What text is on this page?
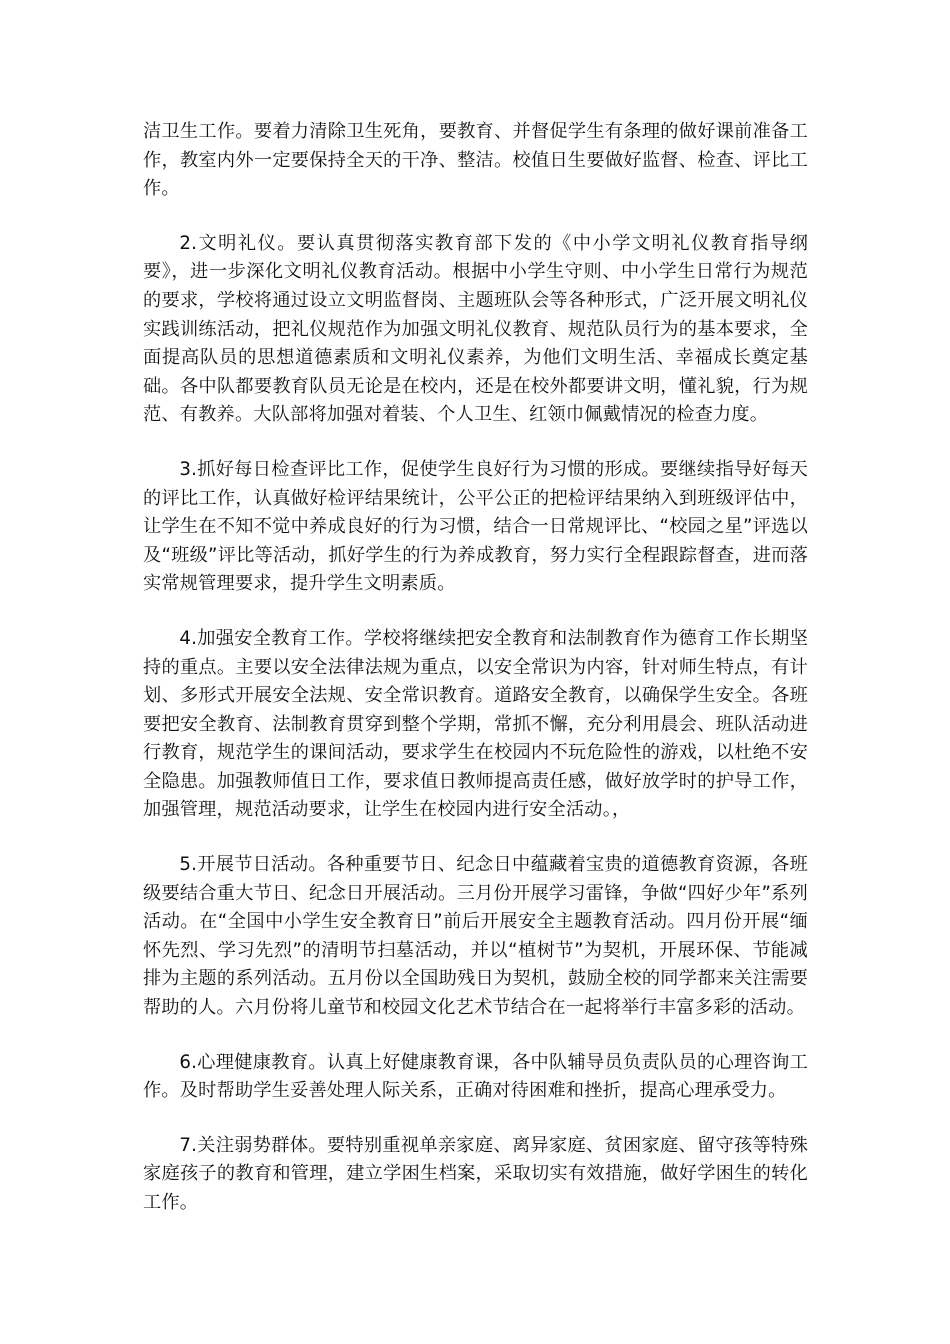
洁卫生工作。要着力清除卫生死角，要教育、并督促学生有条理的做好课前准备工作，教室内外一定要保持全天的干净、整洁。校值日生要做好监督、检查、评比工作。

2.文明礼仪。要认真贯彻落实教育部下发的《中小学文明礼仪教育指导纲要》，进一步深化文明礼仪教育活动。根据中小学生守则、中小学生日常行为规范的要求，学校将通过设立文明监督岗、主题班队会等各种形式，广泛开展文明礼仪实践训练活动，把礼仪规范作为加强文明礼仪教育、规范队员行为的基本要求，全面提高队员的思想道德素质和文明礼仪素养，为他们文明生活、幸福成长奠定基础。各中队都要教育队员无论是在校内，还是在校外都要讲文明，懂礼貌，行为规范、有教养。大队部将加强对着装、个人卫生、红领巾佩戴情况的检查力度。

3.抓好每日检查评比工作，促使学生良好行为习惯的形成。要继续指导好每天的评比工作，认真做好检评结果统计，公平公正的把检评结果纳入到班级评估中，让学生在不知不觉中养成良好的行为习惯，结合一日常规评比、“校园之星”评选以及“班级”评比等活动，抓好学生的行为养成教育，努力实行全程跟踪督查，进而落实常规管理要求，提升学生文明素质。

4.加强安全教育工作。学校将继续把安全教育和法制教育作为德育工作长期坚持的重点。主要以安全法律法规为重点，以安全常识为内容，针对师生特点，有计划、多形式开展安全法规、安全常识教育。道路安全教育，以确保学生安全。各班要把安全教育、法制教育贯穿到整个学期，常抓不懈，充分利用晨会、班队活动进行教育，规范学生的课间活动，要求学生在校园内不玩危险性的游戏，以杜绝不安全隐患。加强教师值日工作，要求值日教师提高责任感，做好放学时的护导工作，加强管理，规范活动要求，让学生在校园内进行安全活动。，

5.开展节日活动。各种重要节日、纪念日中蕴藏着宝贵的道德教育资源，各班级要结合重大节日、纪念日开展活动。三月份开展学习雷锋，争做“四好少年”系列活动。在“全国中小学生安全教育日”前后开展安全主题教育活动。四月份开展“缅怀先烈、学习先烈”的清明节扫墓活动，并以“植树节”为契机，开展环保、节能减排为主题的系列活动。五月份以全国助残日为契机，鼓励全校的同学都来关注需要帮助的人。六月份将儿童节和校园文化艺术节结合在一起将举行丰富多彩的活动。

6.心理健康教育。认真上好健康教育课，各中队辅导员负责队员的心理咨询工作。及时帮助学生妥善处理人际关系，正确对待困难和挫折，提高心理承受力。

7.关注弱势群体。要特别重视单亲家庭、离异家庭、贫困家庭、留守孩等特殊家庭孩子的教育和管理，建立学困生档案，采取切实有效措施，做好学困生的转化工作。
